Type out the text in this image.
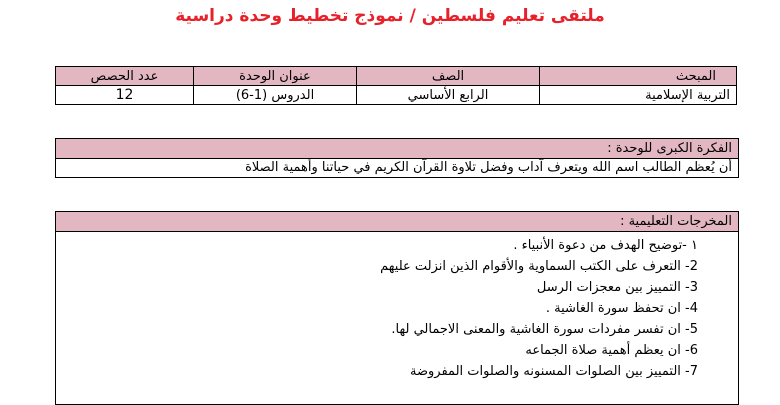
ملتقى تعليم فلسطين / نموذج تخطيط وحدة دراسية
المبحث	الصف	عنوان الوحدة	عدد الحصص
التربية الإسلامية	الرابع الأساسي	الدروس (1-6)	12
الفكرة الكبرى للوحدة :
أن يُعظم الطالب اسم الله ويتعرف آداب وفضل تلاوة القرآن الكريم في حياتنا وأهمية الصلاة
المخرجات التعليمية :
١ -توضيح الهدف من دعوة الأنبياء .
2- التعرف على الكتب السماوية والأقوام الذين انزلت عليهم
3- التمييز بين معجزات الرسل
4- ان تحفظ سورة الغاشية .
5- ان تفسر مفردات سورة الغاشية والمعنى الاجمالي لها.
6- ان يعظم أهمية صلاة الجماعه
7- التمييز بين الصلوات المسنونه والصلوات المفروضة
